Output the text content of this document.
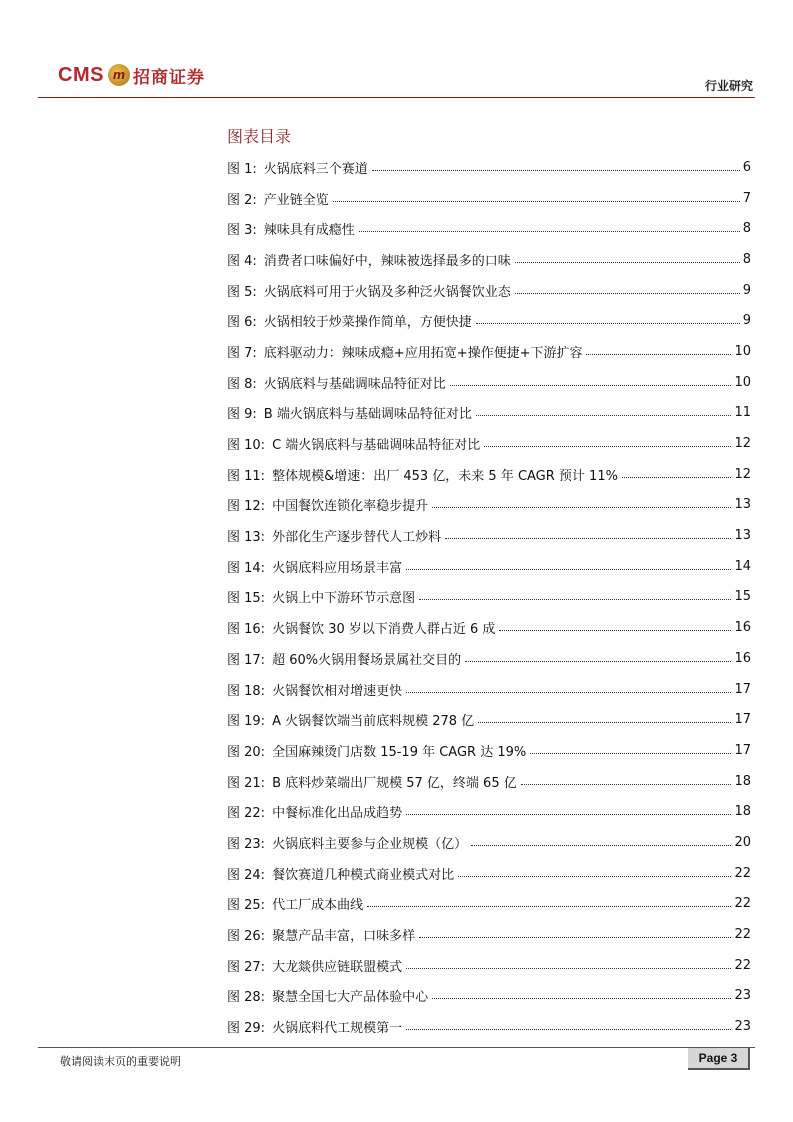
CMS m 招商证券	行业研究
图表目录
图 1: 火锅底料三个赛道	6
图 2: 产业链全览	7
图 3: 辣味具有成瘾性	8
图 4: 消费者口味偏好中，辣味被选择最多的口味	8
图 5: 火锅底料可用于火锅及多种泛火锅餐饮业态	9
图 6: 火锅相较于炒菜操作简单，方便快捷	9
图 7: 底料驱动力：辣味成瘾+应用拓宽+操作便捷+下游扩容	10
图 8: 火锅底料与基础调味品特征对比	10
图 9: B 端火锅底料与基础调味品特征对比	11
图 10: C 端火锅底料与基础调味品特征对比	12
图 11: 整体规模&增速：出厂 453 亿，未来 5 年 CAGR 预计 11%	12
图 12: 中国餐饮连锁化率稳步提升	13
图 13: 外部化生产逐步替代人工炒料	13
图 14: 火锅底料应用场景丰富	14
图 15: 火锅上中下游环节示意图	15
图 16: 火锅餐饮 30 岁以下消费人群占近 6 成	16
图 17: 超 60%火锅用餐场景属社交目的	16
图 18: 火锅餐饮相对增速更快	17
图 19: A 火锅餐饮端当前底料规模 278 亿	17
图 20: 全国麻辣烫门店数 15-19 年 CAGR 达 19%	17
图 21: B 底料炒菜端出厂规模 57 亿，终端 65 亿	18
图 22: 中餐标准化出品成趋势	18
图 23: 火锅底料主要参与企业规模（亿）	20
图 24: 餐饮赛道几种模式商业模式对比	22
图 25: 代工厂成本曲线	22
图 26: 聚慧产品丰富，口味多样	22
图 27: 大龙燚供应链联盟模式	22
图 28: 聚慧全国七大产品体验中心	23
图 29: 火锅底料代工规模第一	23
敬请阅读末页的重要说明	Page 3
